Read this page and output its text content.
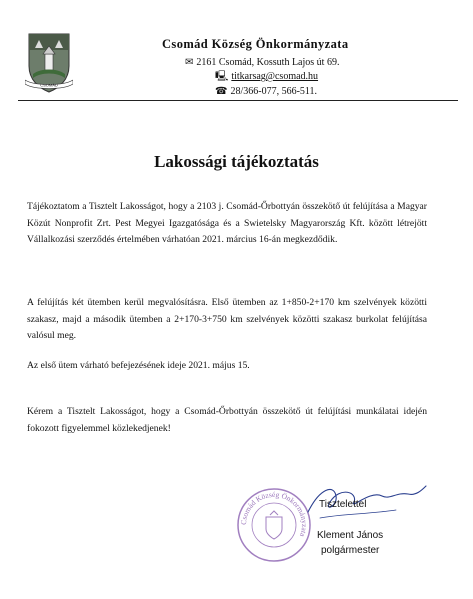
CSOMÁD
Csomád Község Önkormányzata
✉ 2161 Csomád, Kossuth Lajos út 69.
🖳 titkarsag@csomad.hu
☎ 28/366-077, 566-511.
Lakossági tájékoztatás
Tájékoztatom a Tisztelt Lakosságot, hogy a 2103 j. Csomád-Őrbottyán összekötő út felújítása a Magyar Közút Nonprofit Zrt. Pest Megyei Igazgatósága és a Swietelsky Magyarország Kft. között létrejött Vállalkozási szerződés értelmében várhatóan 2021. március 16-án megkezdődik.
A felújítás két ütemben kerül megvalósításra. Első ütemben az 1+850-2+170 km szelvények közötti szakasz, majd a második ütemben a 2+170-3+750 km szelvények közötti szakasz burkolat felújítása valósul meg.
Az első ütem várható befejezésének ideje 2021. május 15.
Kérem a Tisztelt Lakosságot, hogy a Csomád-Őrbottyán összekötő út felújítási munkálatai idején fokozott figyelemmel közlekedjenek!
Csomád Község Önkormányzata
Tisztelettel
Klement János
polgármester
